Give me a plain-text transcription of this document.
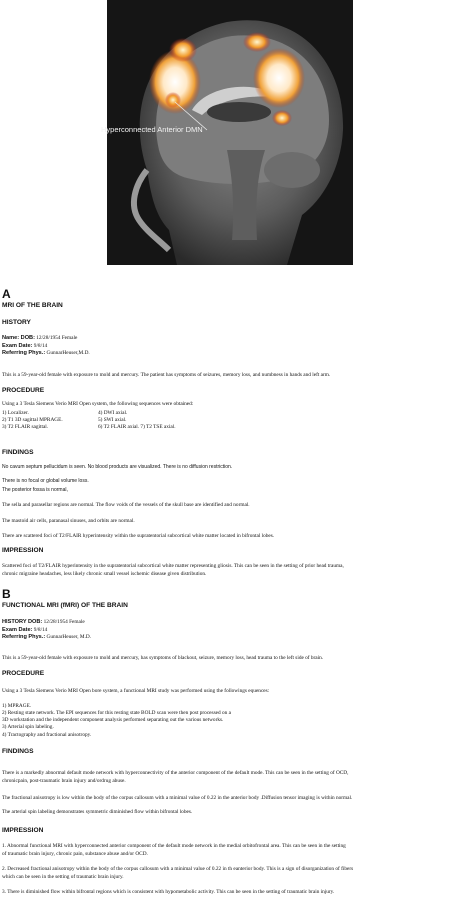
Hyperconnected Anterior DMN
A
MRI OF THE BRAIN
HISTORY
Name: DOB: 12/28/1954 Female
Exam Date: 9/8/14
Referring Phys.: GunnarHeuser,M.D.
This is a 59-year-old female with exposure to mold and mercury. The patient has symptoms of seizures, memory loss, and numbness in hands and left arm.
PROCEDURE
Using a 3 Tesla Siemens Verio MRI Open system, the following sequences were obtained:
1) Localizer.
2) T1 3D sagittal MPRAGE.
3) T2 FLAIR sagittal.
4) DWI axial.
5) SWI axial.
6) T2 FLAIR axial. 7) T2 TSE axial.
FINDINGS
No cavum septum pellucidum is seen. No blood products are visualized. There is no diffusion restriction.
There is no focal or global volume loss.
The posterior fossa is normal,
The sella and parasellar regions are normal. The flow voids of the vessels of the skull base are identified and normal.
The mastoid air cells, paranasal sinuses, and orbits are normal.
There are scattered foci of T2/FLAIR hyperintensity within the supratentorial subcortical white matter located in bifrontal lobes.
IMPRESSION
Scattered foci of T2/FLAIR hyperintensity in the supratentorial subcortical white matter representing gliosis. This can be seen in the setting of prior head trauma,
chronic migraine headaches, less likely chronic small vessel ischemic disease given distribution.
B
FUNCTIONAL MRI (fMRI) OF THE BRAIN
HISTORY DOB: 12/28/1954 Female
Exam Date: 9/8/14
Referring Phys.: GunnarHeuser, M.D.
This is a 59-year-old female with exposure to mold and mercury, has symptoms of blackout, seizure, memory loss, head trauma to the left side of brain.
PROCEDURE
Using a 3 Tesla Siemens Verio MRI Open bore system, a functional MRI study was performed using the followings equences:
1) MPRAGE.
2) Resting state network. The EPI sequences for this resting state BOLD scan were then post processed on a
3D workstation and the independent component analysis performed separating out the various networks.
3) Arterial spin labeling.
4) Tractography and fractional anisotropy.
FINDINGS
There is a markedly abnormal default mode network with hyperconnectivity of the anterior component of the default mode. This can be seen in the setting of OCD,
chronicpain, post-traumatic brain injury and/ordrug abuse.
The fractional anisotropy is low within the body of the corpus callosum with a minimal value of 0.22 in the anterior body .Diffusion tensor imaging is within normal.
The arterial spin labeling demonstrates symmetric diminished flow within bifrontal lobes.
IMPRESSION
1. Abnormal functional MRI with hyperconnected anterior component of the default mode network in the medial orbitofrontal area. This can be seen in the setting
of traumatic brain injury, chronic pain, substance abuse and/or OCD.
2. Decreased fractional anisotropy within the body of the corpus callosum with a minimal value of 0.22 in th eanterior body. This is a sign of disorganization of fibers
which can be seen in the setting of traumatic brain injury.
3. There is diminished flow within bifrontal regions which is consistent with hypometabolic activity. This can be seen in the setting of traumatic brain injury.
